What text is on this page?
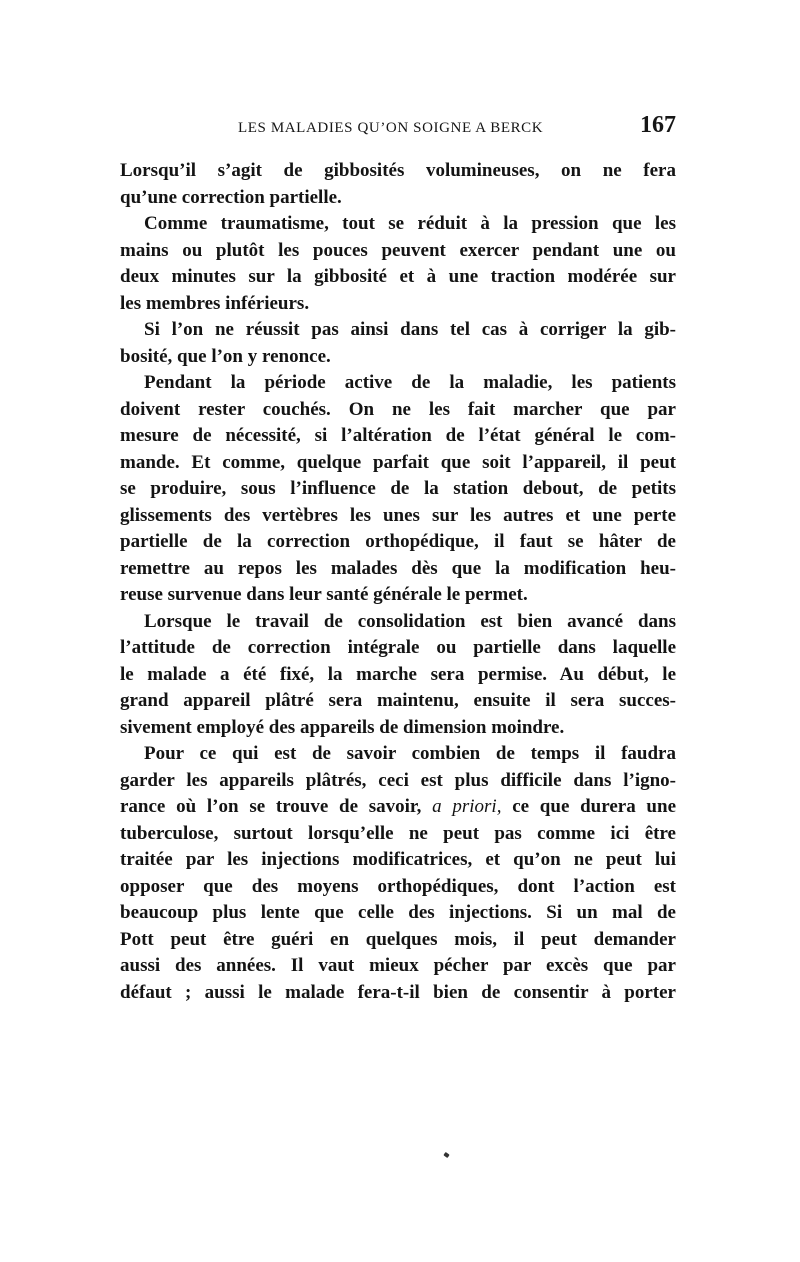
LES MALADIES QU’ON SOIGNE A BERCK	167
Lorsqu’il s’agit de gibbosités volumineuses, on ne fera
qu’une correction partielle.
Comme traumatisme, tout se réduit à la pression que les
mains ou plutôt les pouces peuvent exercer pendant une ou
deux minutes sur la gibbosité et à une traction modérée sur
les membres inférieurs.
Si l’on ne réussit pas ainsi dans tel cas à corriger la gib-
bosité, que l’on y renonce.
Pendant la période active de la maladie, les patients
doivent rester couchés. On ne les fait marcher que par
mesure de nécessité, si l’altération de l’état général le com-
mande. Et comme, quelque parfait que soit l’appareil, il peut
se produire, sous l’influence de la station debout, de petits
glissements des vertèbres les unes sur les autres et une perte
partielle de la correction orthopédique, il faut se hâter de
remettre au repos les malades dès que la modification heu-
reuse survenue dans leur santé générale le permet.
Lorsque le travail de consolidation est bien avancé dans
l’attitude de correction intégrale ou partielle dans laquelle
le malade a été fixé, la marche sera permise. Au début, le
grand appareil plâtré sera maintenu, ensuite il sera succes-
sivement employé des appareils de dimension moindre.
Pour ce qui est de savoir combien de temps il faudra
garder les appareils plâtrés, ceci est plus difficile dans l’igno-
rance où l’on se trouve de savoir, a priori, ce que durera une
tuberculose, surtout lorsqu’elle ne peut pas comme ici être
traitée par les injections modificatrices, et qu’on ne peut lui
opposer que des moyens orthopédiques, dont l’action est
beaucoup plus lente que celle des injections. Si un mal de
Pott peut être guéri en quelques mois, il peut demander
aussi des années. Il vaut mieux pécher par excès que par
défaut ; aussi le malade fera-t-il bien de consentir à porter
